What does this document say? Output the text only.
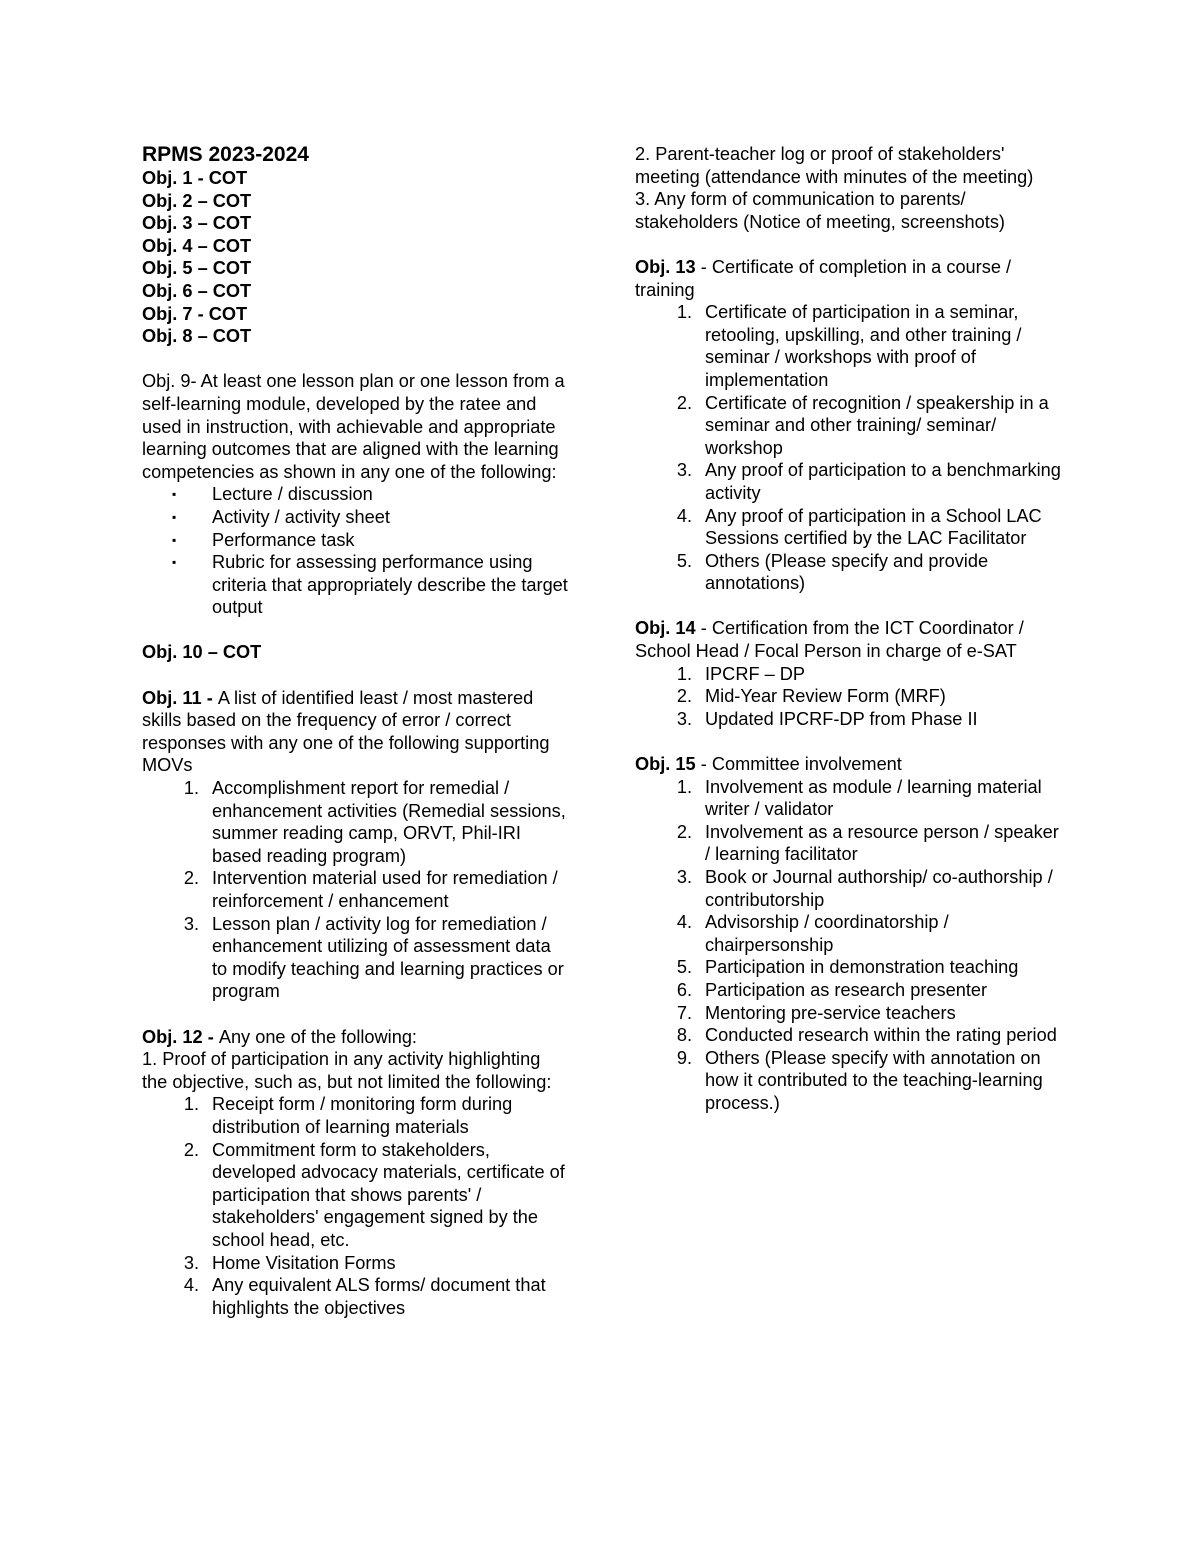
RPMS 2023-2024
Obj. 1 - COT
Obj. 2 – COT
Obj. 3 – COT
Obj. 4 – COT
Obj. 5 – COT
Obj. 6 – COT
Obj. 7 - COT
Obj. 8 – COT

Obj. 9- At least one lesson plan or one lesson from a self-learning module, developed by the ratee and used in instruction, with achievable and appropriate learning outcomes that are aligned with the learning competencies as shown in any one of the following:

▪ Lecture / discussion
▪ Activity / activity sheet
▪ Performance task
▪ Rubric for assessing performance using criteria that appropriately describe the target output
Obj. 10 – COT

Obj. 11 - A list of identified least / most mastered skills based on the frequency of error / correct responses with any one of the following supporting MOVs

1. Accomplishment report for remedial / enhancement activities (Remedial sessions, summer reading camp, ORVT, Phil-IRI based reading program)
2. Intervention material used for remediation / reinforcement / enhancement
3. Lesson plan / activity log for remediation / enhancement utilizing of assessment data to modify teaching and learning practices or program

Obj. 12 - Any one of the following:

1. Proof of participation in any activity highlighting the objective, such as, but not limited the following:

1. Receipt form / monitoring form during distribution of learning materials
2. Commitment form to stakeholders, developed advocacy materials, certificate of participation that shows parents' / stakeholders' engagement signed by the school head, etc.
3. Home Visitation Forms
4. Any equivalent ALS forms/ document that highlights the objectives

2. Parent-teacher log or proof of stakeholders' meeting (attendance with minutes of the meeting)

3. Any form of communication to parents/ stakeholders (Notice of meeting, screenshots)

Obj. 13 - Certificate of completion in a course / training

1. Certificate of participation in a seminar, retooling, upskilling, and other training / seminar / workshops with proof of implementation
2. Certificate of recognition / speakership in a seminar and other training/ seminar/ workshop
3. Any proof of participation to a benchmarking activity
4. Any proof of participation in a School LAC Sessions certified by the LAC Facilitator
5. Others (Please specify and provide annotations)

Obj. 14 - Certification from the ICT Coordinator / School Head / Focal Person in charge of e-SAT

1. IPCRF – DP
2. Mid-Year Review Form (MRF)
3. Updated IPCRF-DP from Phase II

Obj. 15 - Committee involvement

1. Involvement as module / learning material writer / validator
2. Involvement as a resource person / speaker / learning facilitator
3. Book or Journal authorship/ co-authorship / contributorship
4. Advisorship / coordinatorship / chairpersonship
5. Participation in demonstration teaching
6. Participation as research presenter
7. Mentoring pre-service teachers
8. Conducted research within the rating period
9. Others (Please specify with annotation on how it contributed to the teaching-learning process.)
